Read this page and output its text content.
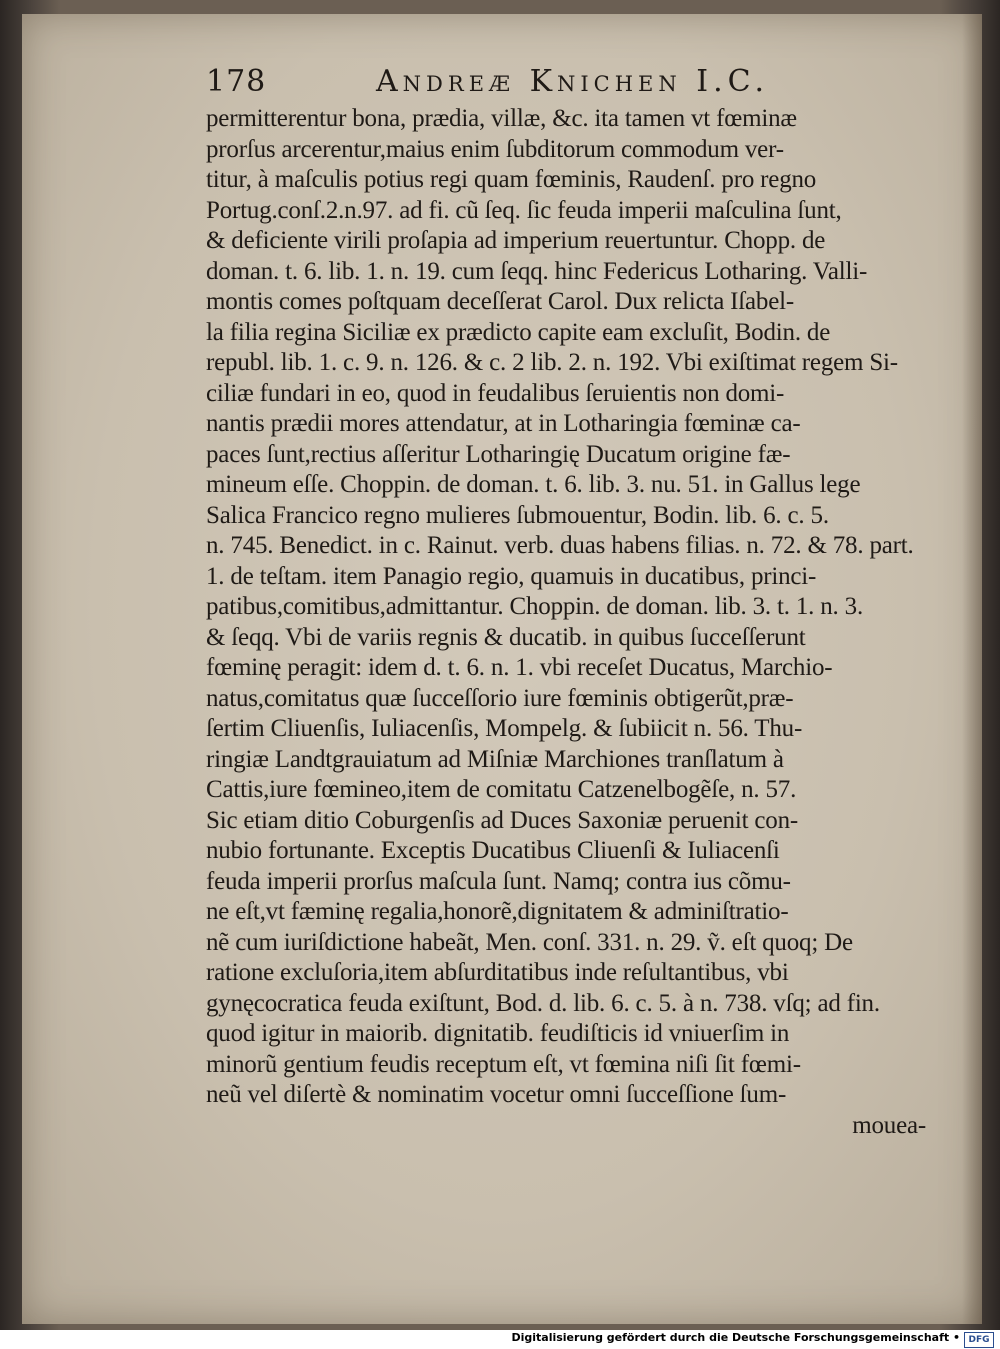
178	Andreæ Knichen I.C.
permitterentur bona, prædia, villæ, &c. ita tamen vt fœminæ
prorſus arcerentur,maius enim ſubditorum commodum ver-
titur, à maſculis potius regi quam fœminis, Raudenſ. pro regno
Portug.conſ.2.n.97. ad fi. cũ ſeq. ſic feuda imperii maſculina ſunt,
& deficiente virili proſapia ad imperium reuertuntur. Chopp. de
doman. t. 6. lib. 1. n. 19. cum ſeqq. hinc Federicus Lotharing. Valli-
montis comes poſtquam deceſſerat Carol. Dux relicta Iſabel-
la filia regina Siciliæ ex prædicto capite eam excluſit, Bodin. de
republ. lib. 1. c. 9. n. 126. & c. 2 lib. 2. n. 192. Vbi exiſtimat regem Si-
ciliæ fundari in eo, quod in feudalibus ſeruientis non domi-
nantis prædii mores attendatur, at in Lotharingia fœminæ ca-
paces ſunt,rectius aſſeritur Lotharingię Ducatum origine fæ-
mineum eſſe. Choppin. de doman. t. 6. lib. 3. nu. 51. in Gallus lege
Salica Francico regno mulieres ſubmouentur, Bodin. lib. 6. c. 5.
n. 745. Benedict. in c. Rainut. verb. duas habens filias. n. 72. & 78. part.
1. de teſtam. item Panagio regio, quamuis in ducatibus, princi-
patibus,comitibus,admittantur. Choppin. de doman. lib. 3. t. 1. n. 3.
& ſeqq. Vbi de variis regnis & ducatib. in quibus ſucceſſerunt
fœminę peragit: idem d. t. 6. n. 1. vbi receſet Ducatus, Marchio-
natus,comitatus quæ ſucceſſorio iure fœminis obtigerũt,præ-
ſertim Cliuenſis, Iuliacenſis, Mompelg. & ſubiicit n. 56. Thu-
ringiæ Landtgrauiatum ad Miſniæ Marchiones tranſlatum à
Cattis,iure fœmineo,item de comitatu Catzenelbogẽſe, n. 57.
Sic etiam ditio Coburgenſis ad Duces Saxoniæ peruenit con-
nubio fortunante. Exceptis Ducatibus Cliuenſi & Iuliacenſi
feuda imperii prorſus maſcula ſunt. Namq; contra ius cõmu-
ne eſt,vt fæminę regalia,honorẽ,dignitatem & adminiſtratio-
nẽ cum iuriſdictione habeãt, Men. conſ. 331. n. 29. ṽ. eſt quoq; De
ratione excluſoria,item abſurditatibus inde reſultantibus, vbi
gynęcocratica feuda exiſtunt, Bod. d. lib. 6. c. 5. à n. 738. vſq; ad fin.
quod igitur in maiorib. dignitatib. feudiſticis id vniuerſim in
minorũ gentium feudis receptum eſt, vt fœmina niſi ſit fœmi-
neũ vel diſertè & nominatim vocetur omni ſucceſſione ſum-
mouea-
Digitalisierung gefördert durch die Deutsche Forschungsgemeinschaft • DFG
